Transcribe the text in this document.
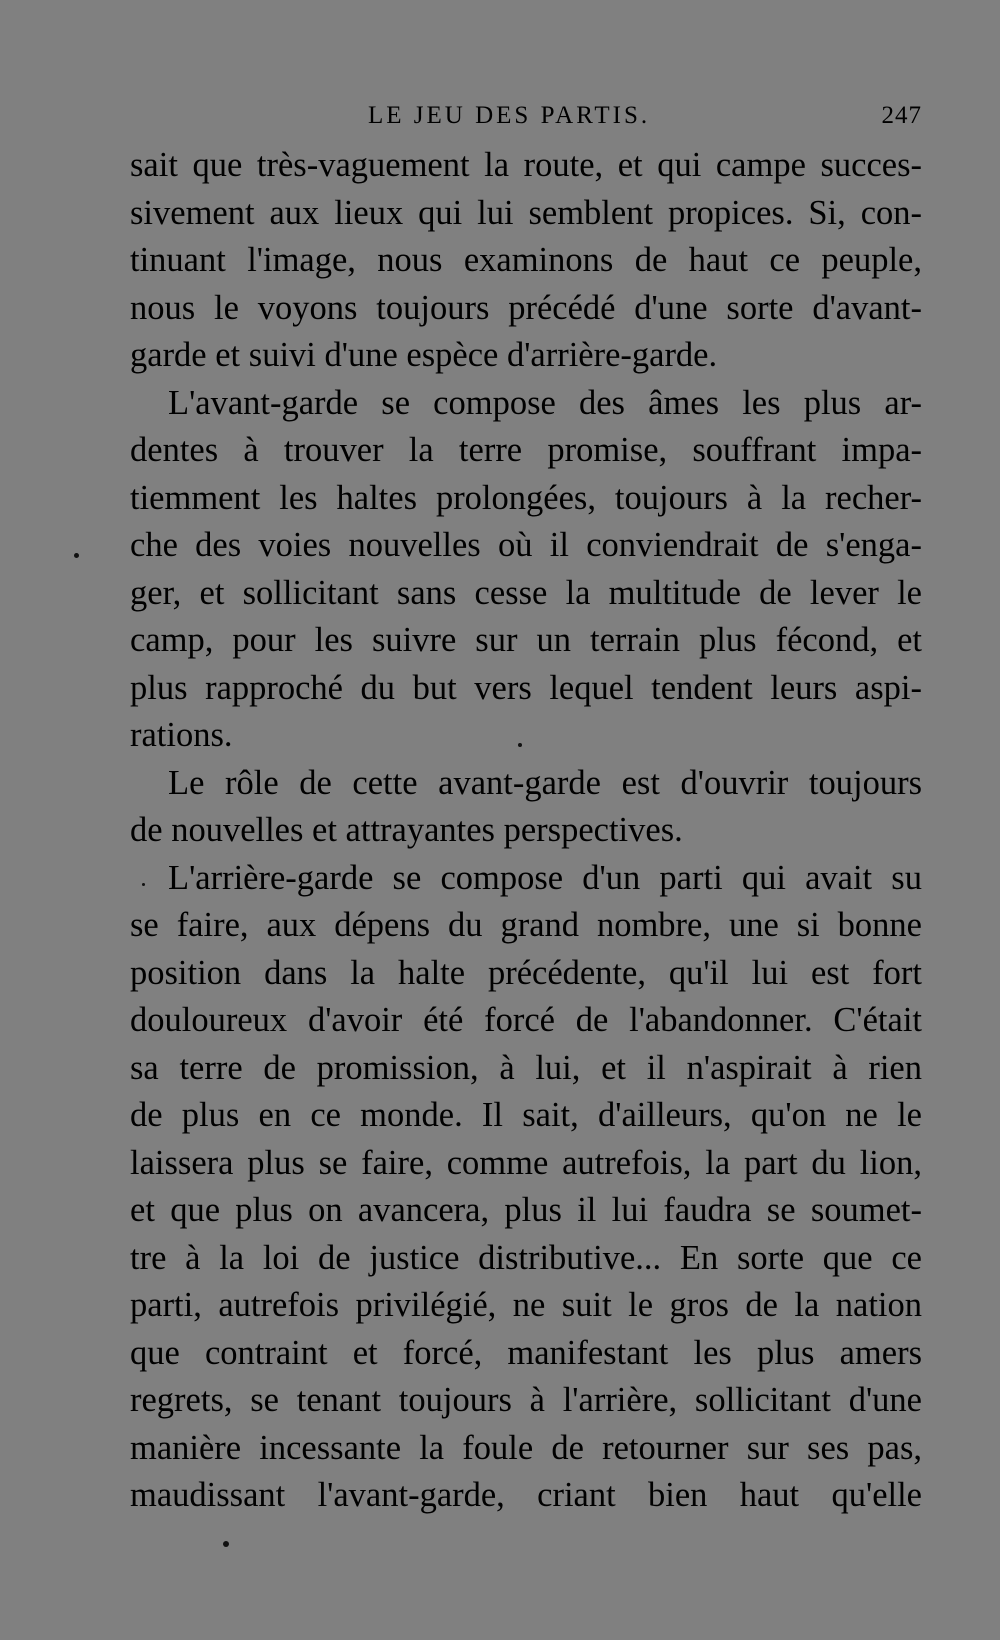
LE JEU DES PARTIS.	247
sait que très-vaguement la route, et qui campe succes-
sivement aux lieux qui lui semblent propices. Si, con-
tinuant l'image, nous examinons de haut ce peuple,
nous le voyons toujours précédé d'une sorte d'avant-
garde et suivi d'une espèce d'arrière-garde.
L'avant-garde se compose des âmes les plus ar-
dentes à trouver la terre promise, souffrant impa-
tiemment les haltes prolongées, toujours à la recher-
che des voies nouvelles où il conviendrait de s'enga-
ger, et sollicitant sans cesse la multitude de lever le
camp, pour les suivre sur un terrain plus fécond, et
plus rapproché du but vers lequel tendent leurs aspi-
rations.
Le rôle de cette avant-garde est d'ouvrir toujours
de nouvelles et attrayantes perspectives.
L'arrière-garde se compose d'un parti qui avait su
se faire, aux dépens du grand nombre, une si bonne
position dans la halte précédente, qu'il lui est fort
douloureux d'avoir été forcé de l'abandonner. C'était
sa terre de promission, à lui, et il n'aspirait à rien
de plus en ce monde. Il sait, d'ailleurs, qu'on ne le
laissera plus se faire, comme autrefois, la part du lion,
et que plus on avancera, plus il lui faudra se soumet-
tre à la loi de justice distributive... En sorte que ce
parti, autrefois privilégié, ne suit le gros de la nation
que contraint et forcé, manifestant les plus amers
regrets, se tenant toujours à l'arrière, sollicitant d'une
manière incessante la foule de retourner sur ses pas,
maudissant l'avant-garde, criant bien haut qu'elle
